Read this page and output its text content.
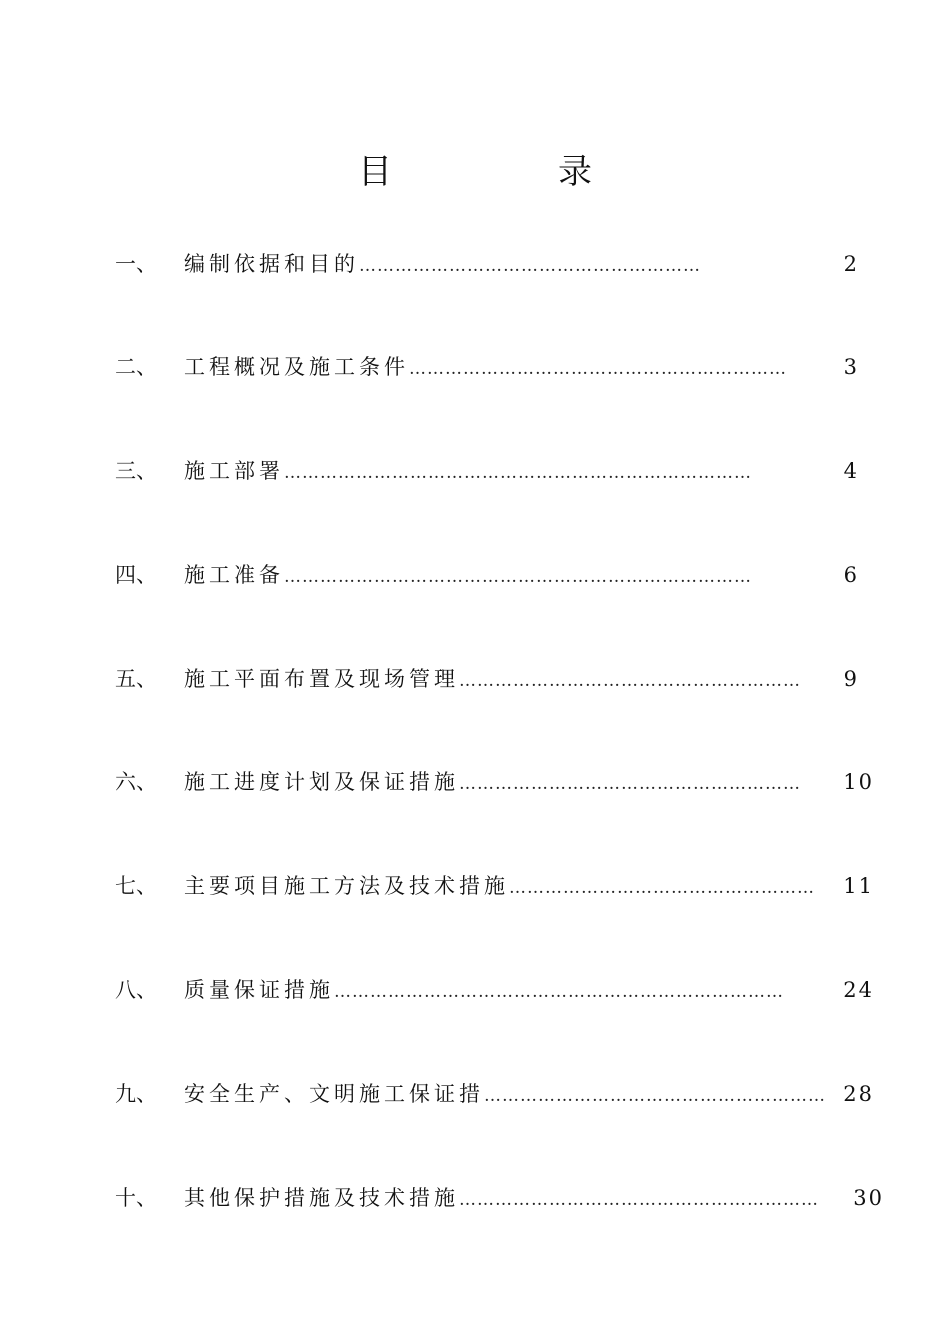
目　录
一、 编制依据和目的 …………………………………………………	2
二、 工程概况及施工条件 ………………………………………………………	3
三、 施工部署 ……………………………………………………………………	4
四、 施工准备 ……………………………………………………………………	6
五、 施工平面布置及现场管理 …………………………………………………	9
六、 施工进度计划及保证措施 …………………………………………………	10
七、 主要项目施工方法及技术措施 ……………………………………………	11
八、 质量保证措施 …………………………………………………………………	24
九、 安全生产、文明施工保证措 ………………………………………………… 28
十、 其他保护措施及技术措施 ……………………………………………………	30
